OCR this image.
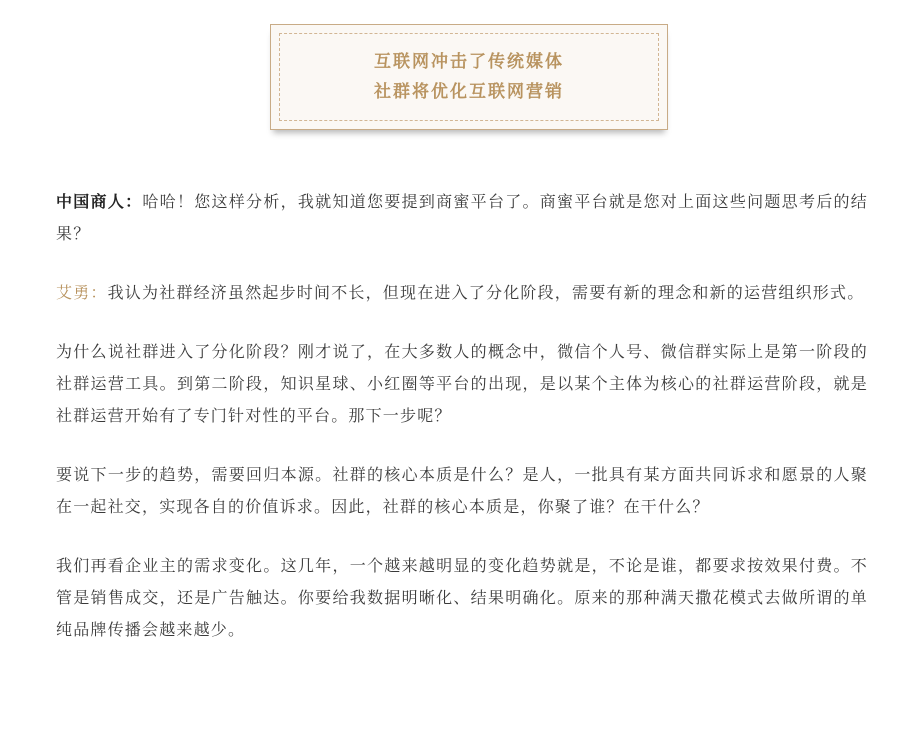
互联网冲击了传统媒体
社群将优化互联网营销

中国商人：哈哈！您这样分析，我就知道您要提到商蜜平台了。商蜜平台就是您对上面这些问题思考后的结果？

艾勇：我认为社群经济虽然起步时间不长，但现在进入了分化阶段，需要有新的理念和新的运营组织形式。

为什么说社群进入了分化阶段？刚才说了，在大多数人的概念中，微信个人号、微信群实际上是第一阶段的社群运营工具。到第二阶段，知识星球、小红圈等平台的出现，是以某个主体为核心的社群运营阶段，就是社群运营开始有了专门针对性的平台。那下一步呢？

要说下一步的趋势，需要回归本源。社群的核心本质是什么？是人，一批具有某方面共同诉求和愿景的人聚在一起社交，实现各自的价值诉求。因此，社群的核心本质是，你聚了谁？在干什么？

我们再看企业主的需求变化。这几年，一个越来越明显的变化趋势就是，不论是谁，都要求按效果付费。不管是销售成交，还是广告触达。你要给我数据明晰化、结果明确化。原来的那种满天撒花模式去做所谓的单纯品牌传播会越来越少。
